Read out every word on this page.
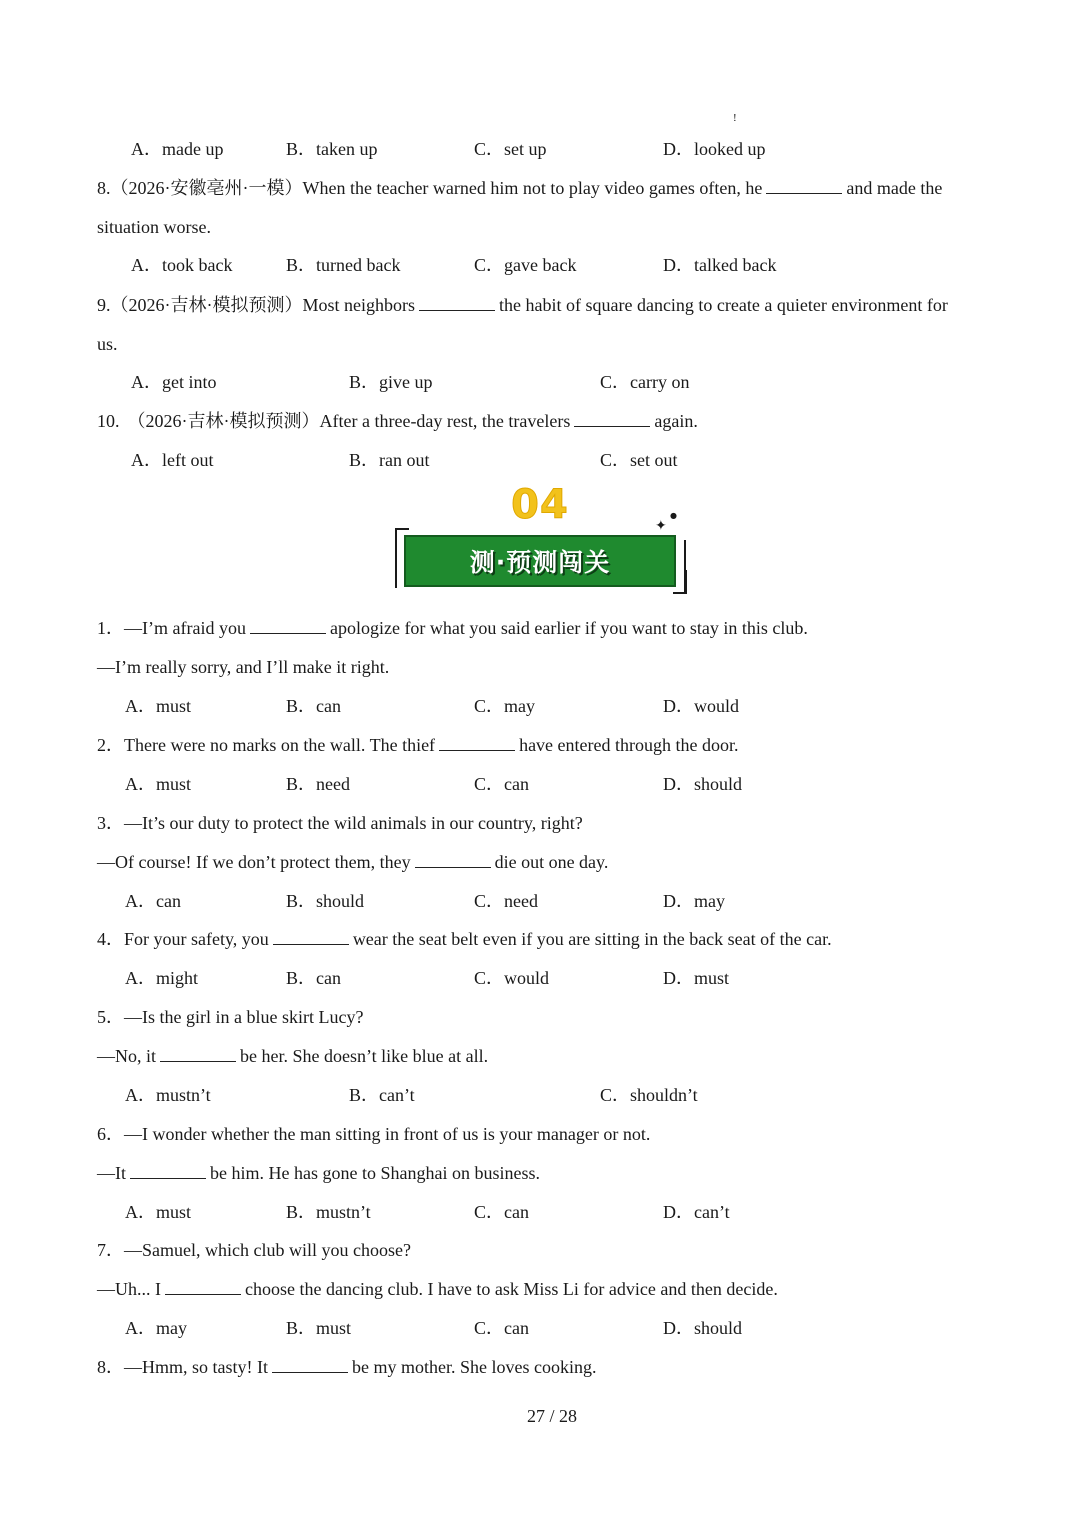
!
A．made up	B．taken up	C．set up	D．looked up
8.（2026·安徽亳州·一模）When the teacher warned him not to play video games often, he	and made the
situation worse.
A．took back	B．turned back	C．gave back	D．talked back
9.（2026·吉林·模拟预测）Most neighbors	the habit of square dancing to create a quieter environment for
us.
A．get into	B．give up	C．carry on
10. （2026·吉林·模拟预测）After a three-day rest, the travelers	again.
A．left out	B．ran out	C．set out
04	✦
●
测·预测闯关
1．—I’m afraid you	apologize for what you said earlier if you want to stay in this club.
—I’m really sorry, and I’ll make it right.
A．must	B．can	C．may	D．would
2．There were no marks on the wall. The thief	have entered through the door.
A．must	B．need	C．can	D．should
3．—It’s our duty to protect the wild animals in our country, right?
—Of course! If we don’t protect them, they	die out one day.
A．can	B．should	C．need	D．may
4．For your safety, you	wear the seat belt even if you are sitting in the back seat of the car.
A．might	B．can	C．would	D．must
5．—Is the girl in a blue skirt Lucy?
—No, it	be her. She doesn’t like blue at all.
A．mustn’t	B．can’t	C．shouldn’t
6．—I wonder whether the man sitting in front of us is your manager or not.
—It	be him. He has gone to Shanghai on business.
A．must	B．mustn’t	C．can	D．can’t
7．—Samuel, which club will you choose?
—Uh... I	choose the dancing club. I have to ask Miss Li for advice and then decide.
A．may	B．must	C．can	D．should
8．—Hmm, so tasty! It	be my mother. She loves cooking.
27 / 28
